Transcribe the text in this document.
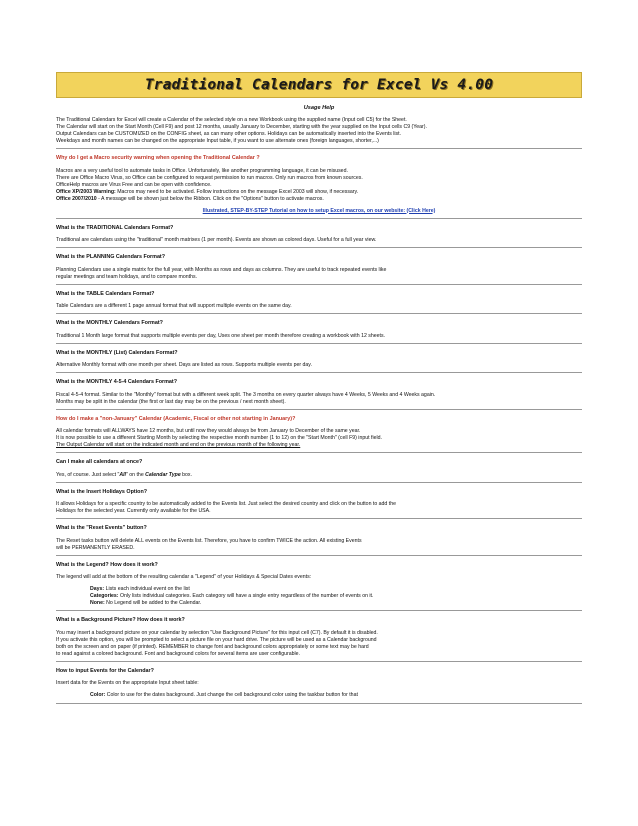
Traditional Calendars for Excel Vs 4.00
Usage Help
The Traditional Calendars for Excel will create a Calendar of the selected style on a new Workbook using the supplied name (Input cell C5) for the Sheet.
The Calendar will start on the Start Month (Cell F9) and post 12 months, usually January to December, starting with the year supplied on the Input cells C9 (Year).
Output Calendars can be CUSTOMIZED on the CONFIG sheet, as can many other options. Holidays can be automatically inserted into the Events list.
Weekdays and month names can be changed on the appropriate Input table, if you want to use alternate ones (foreign languages, shorter,...)
Why do I get a Macro security warning when opening the Traditional Calendar ?
Macros are a very useful tool to automate tasks in Office. Unfortunately, like another programming language, it can be misused.
There are Office Macro Virus, so Office can be configured to request permission to run macros. Only run macros from known sources.
OfficeHelp macros are Virus Free and can be open with confidence.
Office XP/2003 Warning: Macros may need to be activated. Follow instructions on the message Excel 2003 will show, if necessary.
Office 2007/2010 - A message will be shown just below the Ribbon. Click on the "Options" button to activate macros.
Illustrated, STEP-BY-STEP Tutorial on how to setup Excel macros, on our website: (Click Here)
What is the TRADITIONAL Calendars Format?
Traditional are calendars using the "traditional" month matrixes (1 per month). Events are shown as colored days. Useful for a full year view.
What is the PLANNING Calendars Format?
Planning Calendars use a single matrix for the full year, with Months as rows and days as columns. They are useful to track repeated events like
regular meetings and team holidays, and to compare months.
What is the TABLE Calendars Format?
Table Calendars are a different 1 page annual format that will support multiple events on the same day.
What is the MONTHLY Calendars Format?
Traditional 1 Month large format that supports multiple events per day, Uses one sheet per month therefore creating a workbook with 12 sheets.
What is the MONTHLY (List) Calendars Format?
Alternative Monthly format with one month per sheet. Days are listed as rows. Supports multiple events per day.
What is the MONTHLY 4-5-4 Calendars Format?
Fiscal 4-5-4 format. Similar to the "Monthly" format but with a different week split. The 3 months on every quarter always have 4 Weeks, 5 Weeks and 4 Weeks again.
Months may be split in the calendar (the first or last day may be on the previous / next month sheet).
How do I make a "non-January" Calendar (Academic, Fiscal or other not starting in January)?
All calendar formats will ALLWAYS have 12 months, but until now they would always be from January to December of the same year.
It is now possible to use a different Starting Month by selecting the respective month number (1 to 12) on the "Start Month" (cell F9) input field.
The Output Calendar will start on the indicated month and end on the previous month of the following year.
Can I make all calendars at once?
Yes, of course. Just select "All" on the Calendar Type box.
What is the Insert Holidays Option?
It allows Holidays for a specific country to be automatically added to the Events list. Just select the desired country and click on the button to add the
Holidays for the selected year. Currently only available for the USA.
What is the "Reset Events" button?
The Reset tasks button will delete ALL events on the Events list. Therefore, you have to confirm TWICE the action. All existing Events
will be PERMANENTLY ERASED.
What is the Legend? How does it work?
The legend will add at the bottom of the resulting calendar a "Legend" of your Holidays & Special Dates events:
Days: Lists each individual event on the list
Categories: Only lists individual categories. Each category will have a single entry regardless of the number of events on it.
None: No Legend will be added to the Calendar.
What is a Background Picture? How does it work?
You may insert a background picture on your calendar by selection "Use Background Picture" for this input cell (C7). By default it is disabled.
If you activate this option, you will be prompted to select a picture file on your hard drive. The picture will be used as a Calendar background
both on the screen and on paper (if printed). REMEMBER to change font and background colors appropriately or some text may be hard
to read against a colored background. Font and background colors for several items are user configurable.
How to input Events for the Calendar?
Insert data for the Events on the appropriate Input sheet table:
Color: Color to use for the dates background. Just change the cell background color using the taskbar button for that
